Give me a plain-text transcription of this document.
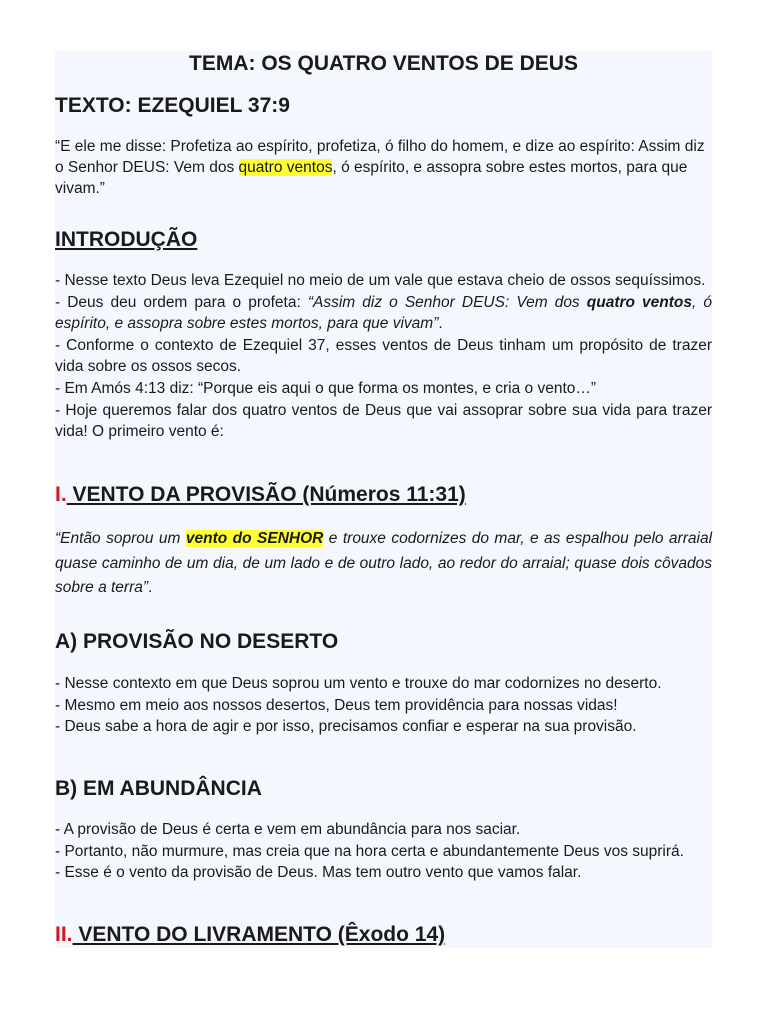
TEMA: OS QUATRO VENTOS DE DEUS
TEXTO: EZEQUIEL 37:9
“E ele me disse: Profetiza ao espírito, profetiza, ó filho do homem, e dize ao espírito: Assim diz o Senhor DEUS: Vem dos quatro ventos, ó espírito, e assopra sobre estes mortos, para que vivam.”
INTRODUÇÃO

- Nesse texto Deus leva Ezequiel no meio de um vale que estava cheio de ossos sequíssimos.

- Deus deu ordem para o profeta: “Assim diz o Senhor DEUS: Vem dos quatro ventos, ó espírito, e assopra sobre estes mortos, para que vivam”.

- Conforme o contexto de Ezequiel 37, esses ventos de Deus tinham um propósito de trazer vida sobre os ossos secos.

- Em Amós 4:13 diz: “Porque eis aqui o que forma os montes, e cria o vento…”

- Hoje queremos falar dos quatro ventos de Deus que vai assoprar sobre sua vida para trazer vida! O primeiro vento é:

I. VENTO DA PROVISÃO (Números 11:31)
“Então soprou um vento do SENHOR e trouxe codornizes do mar, e as espalhou pelo arraial quase caminho de um dia, de um lado e de outro lado, ao redor do arraial; quase dois côvados sobre a terra”.
A) PROVISÃO NO DESERTO

- Nesse contexto em que Deus soprou um vento e trouxe do mar codornizes no deserto.

- Mesmo em meio aos nossos desertos, Deus tem providência para nossas vidas!

- Deus sabe a hora de agir e por isso, precisamos confiar e esperar na sua provisão.

B) EM ABUNDÂNCIA

- A provisão de Deus é certa e vem em abundância para nos saciar.

- Portanto, não murmure, mas creia que na hora certa e abundantemente Deus vos suprirá.

- Esse é o vento da provisão de Deus. Mas tem outro vento que vamos falar.

II. VENTO DO LIVRAMENTO (Êxodo 14)
